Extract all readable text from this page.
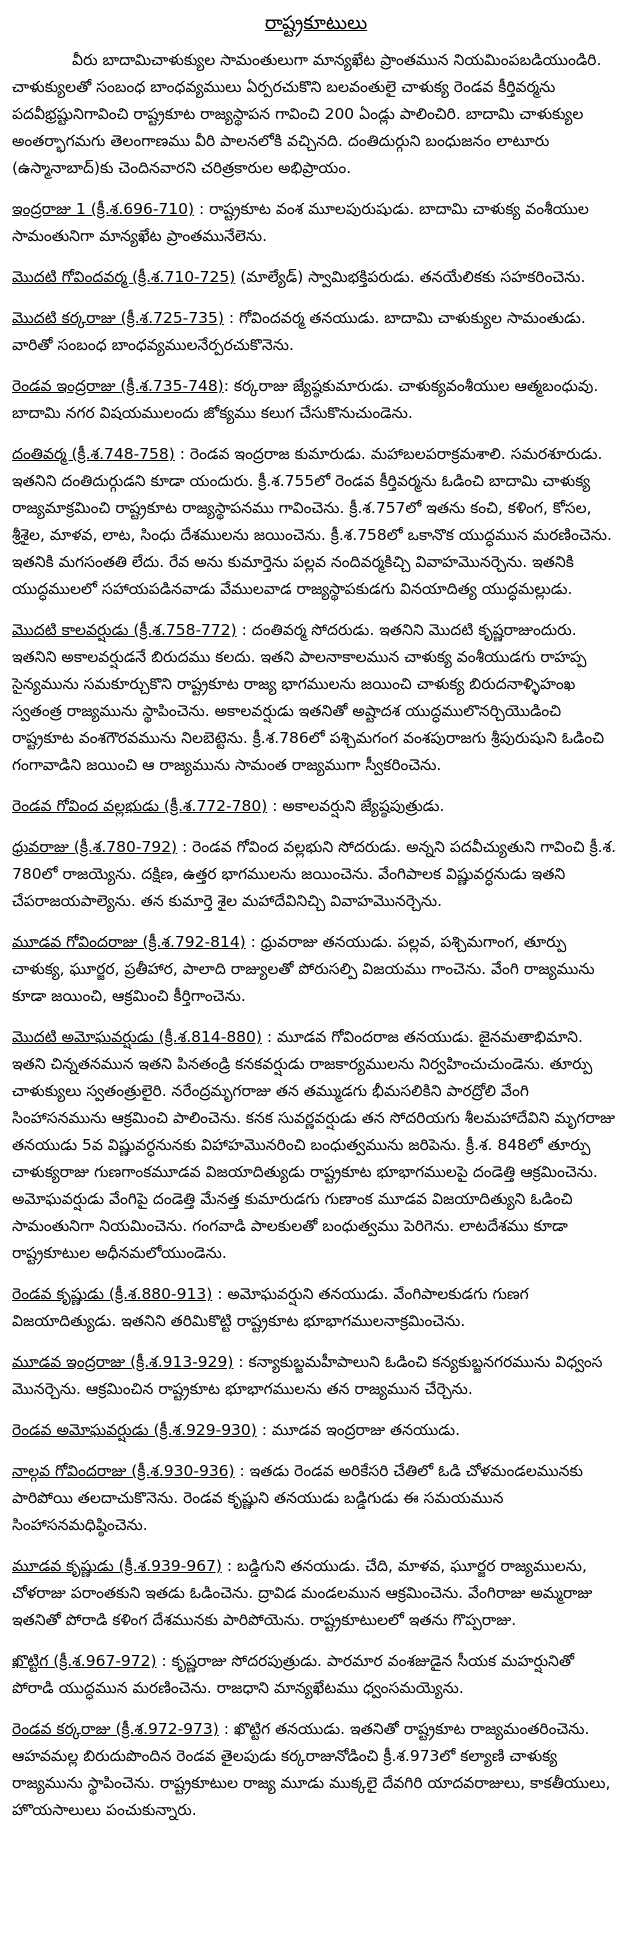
రాష్ట్రకూటులు

వీరు బాదామిచాళుక్యుల సామంతులుగా మాన్యఖేట ప్రాంతమున నియమింపబడియుండిరి. చాళుక్యులతో సంబంధ బాంధవ్యములు ఏర్పరచుకొని బలవంతులై చాళుక్య రెండవ కీర్తివర్మను పదవీభ్రష్టునిగావించి రాష్ట్రకూట రాజ్యస్థాపన గావించి 200 ఏండ్లు పాలించిరి. బాదామి చాళుక్యుల అంతర్భాగమగు తెలంగాణము వీరి పాలనలోకి వచ్చినది. దంతిదుర్గుని బంధుజనం లాటూరు (ఉస్మానాబాద్)కు చెందినవారని చరిత్రకారుల అభిప్రాయం.

ఇంద్రరాజు 1 (క్రీ.శ.696-710) : రాష్ట్రకూట వంశ మూలపురుషుడు. బాదామి చాళుక్య వంశీయుల సామంతునిగా మాన్యఖేట ప్రాంతమునేలెను.

మొదటి గోవిందవర్మ (క్రీ.శ.710-725) (మాల్యేడ్) స్వామిభక్తిపరుడు. తనయేలికకు సహకరించెను.

మొదటి కర్కరాజు (క్రీ.శ.725-735) : గోవిందవర్మ తనయుడు. బాదామి చాళుక్యుల సామంతుడు. వారితో సంబంధ బాంధవ్యములనేర్పరచుకొనెను.

రెండవ ఇంద్రరాజు (క్రీ.శ.735-748): కర్కరాజు జ్యేష్ఠకుమారుడు. చాళుక్యవంశీయుల ఆత్మబంధువు. బాదామి నగర విషయములందు జోక్యము కలుగ చేసుకొనుచుండెను.

దంతివర్మ (క్రీ.శ.748-758) : రెండవ ఇంద్రరాజ కుమారుడు. మహాబలపరాక్రమశాలి. సమరశూరుడు. ఇతనిని దంతిదుర్గుడని కూడా యందురు. క్రీ.శ.755లో రెండవ కీర్తివర్మను ఓడించి బాదామి చాళుక్య రాజ్యమాక్రమించి రాష్ట్రకూట రాజ్యస్థాపనము గావించెను. క్రీ.శ.757లో ఇతను కంచి, కళింగ, కోసల, శ్రీశైల, మాళవ, లాట, సింధు దేశములను జయించెను. క్రీ.శ.758లో ఒకానొక యుద్ధమున మరణించెను. ఇతనికి మగసంతతి లేదు. రేవ అను కుమార్తెను పల్లవ నందివర్మకిచ్చి వివాహమొనర్చెను. ఇతనికి యుద్ధములలో సహాయపడినవాడు వేములవాడ రాజ్యస్థాపకుడగు వినయాదిత్య యుద్ధమల్లుడు.

మొదటి కాలవర్షుడు (క్రీ.శ.758-772) : దంతివర్మ సోదరుడు. ఇతనిని మొదటి కృష్ణరాజుందురు. ఇతనిని అకాలవర్షుడనే బిరుదము కలదు. ఇతని పాలనాకాలమున చాళుక్య వంశీయుడగు రాహప్ప సైన్యమును సమకూర్చుకొని రాష్ట్రకూట రాజ్య భాగములను జయించి చాళుక్య బిరుదనాళ్ళిహంఖ స్వతంత్ర రాజ్యమును స్థాపించెను. అకాలవర్షుడు ఇతనితో అష్టాదశ యుద్ధములొనర్చియొడించి రాష్ట్రకూట వంశగౌరవమును నిలబెట్టెను. క్రీ.శ.786లో పశ్చిమగంగ వంశపురాజగు శ్రీపురుషుని ఓడించి గంగావాడిని జయించి ఆ రాజ్యమును సామంత రాజ్యముగా స్వీకరించెను.

రెండవ గోవింద వల్లభుడు (క్రీ.శ.772-780) : అకాలవర్షుని జ్యేష్ఠపుత్రుడు.

ధ్రువరాజు (క్రీ.శ.780-792) : రెండవ గోవింద వల్లభుని సోదరుడు. అన్నని పదవీచ్యుతుని గావించి క్రీ.శ. 780లో రాజయ్యెను. దక్షిణ, ఉత్తర భాగములను జయించెను. వేంగిపాలక విష్ణువర్ధనుడు ఇతని చేపరాజయపాల్యెను. తన కుమార్తె శైల మహాదేవినిచ్చి వివాహమొనర్చెను.

మూడవ గోవిందరాజు (క్రీ.శ.792-814) : ధ్రువరాజు తనయుడు. పల్లవ, పశ్చిమగాంగ, తూర్పు చాళుక్య, ఘూర్జర, ప్రతీహార, పాలాది రాజ్యులతో పోరుసల్పి విజయము గాంచెను. వేంగి రాజ్యమును కూడా జయించి, ఆక్రమించి కీర్తిగాంచెను.

మొదటి అమోఘవర్షుడు (క్రీ.శ.814-880) : మూడవ గోవిందరాజ తనయుడు. జైనమతాభిమాని. ఇతని చిన్నతనమున ఇతని పినతండ్రి కనకవర్షుడు రాజకార్యములను నిర్వహించుచుండెను. తూర్పు చాళుక్యులు స్వతంత్రులైరి. నరేంద్రమృగరాజు తన తమ్ముడగు భీమసలికిని పారద్రోలి వేంగి సింహాసనమును ఆక్రమించి పాలించెను. కనక సువర్ణవర్షుడు తన సోదరియగు శీలమహాదేవిని మృగరాజు తనయుడు 5వ విష్ణువర్ధనునకు విహాహమొనరించి బంధుత్వమును జరిపెను. క్రీ.శ. 848లో తూర్పు చాళుక్యరాజు గుణగాంకమూడవ విజయాదిత్యుడు రాష్ట్రకూట భూభాగములపై దండెత్తి ఆక్రమించెను. అమోఘవర్షుడు వేంగిపై దండెత్తి మేనత్త కుమారుడగు గుణాంక మూడవ విజయాదిత్యుని ఓడించి సామంతునిగా నియమించెను. గంగవాడి పాలకులతో బంధుత్వము పెరిగెను. లాటదేశము కూడా రాష్ట్రకూటుల అధీనమలోయుండెను.

రెండవ కృష్ణుడు (క్రీ.శ.880-913) : అమోఘవర్షుని తనయుడు. వేంగిపాలకుడగు గుణగ విజయాదిత్యుడు. ఇతనిని తరిమికొట్టి రాష్ట్రకూట భూభాగములనాక్రమించెను.

మూడవ ఇంద్రరాజు (క్రీ.శ.913-929) : కన్యాకుబ్జమహీపాలుని ఓడించి కన్యకుబ్జనగరమును విధ్వంస మొనర్చెను. ఆక్రమించిన రాష్ట్రకూట భూభాగములను తన రాజ్యమున చేర్చెను.

రెండవ అమోఘవర్షుడు (క్రీ.శ.929-930) : మూడవ ఇంద్రరాజు తనయుడు.

నాల్గవ గోవిందరాజు (క్రీ.శ.930-936) : ఇతడు రెండవ అరికేసరి చేతిలో ఓడి చోళమండలమునకు పారిపోయి తలదాచుకొనెను. రెండవ కృష్ణుని తనయుడు బడ్డిగుడు ఈ సమయమున సింహాసనమధిష్ఠించెను.

మూడవ కృష్ణుడు (క్రీ.శ.939-967) : బడ్డిగుని తనయుడు. చేది, మాళవ, ఘూర్జర రాజ్యములను, చోళరాజు పరాంతకుని ఇతడు ఓడించెను. ద్రావిడ మండలమున ఆక్రమించెను. వేంగిరాజు అమ్మరాజు ఇతనితో పోరాడి కళింగ దేశమునకు పారిపోయెను. రాష్ట్రకూటులలో ఇతను గొప్పరాజు.

ఖొట్టిగ (క్రీ.శ.967-972) : కృష్ణరాజు సోదరపుత్రుడు. పారమార వంశజుడైన సీయక మహర్షునితో పోరాడి యుద్ధమున మరణించెను. రాజధాని మాన్యఖేటము ధ్వంసమయ్యెను.

రెండవ కర్కరాజు (క్రీ.శ.972-973) : ఖొట్టిగ తనయుడు. ఇతనితో రాష్ట్రకూట రాజ్యమంతరించెను. ఆహవమల్ల బిరుదుపొందిన రెండవ తైలపుడు కర్కరాజునోడించి క్రీ.శ.973లో కల్యాణి చాళుక్య రాజ్యమును స్థాపించెను. రాష్ట్రకూటుల రాజ్య మూడు ముక్కలై దేవగిరి యాదవరాజులు, కాకతీయులు, హొయసాలులు పంచుకున్నారు.
